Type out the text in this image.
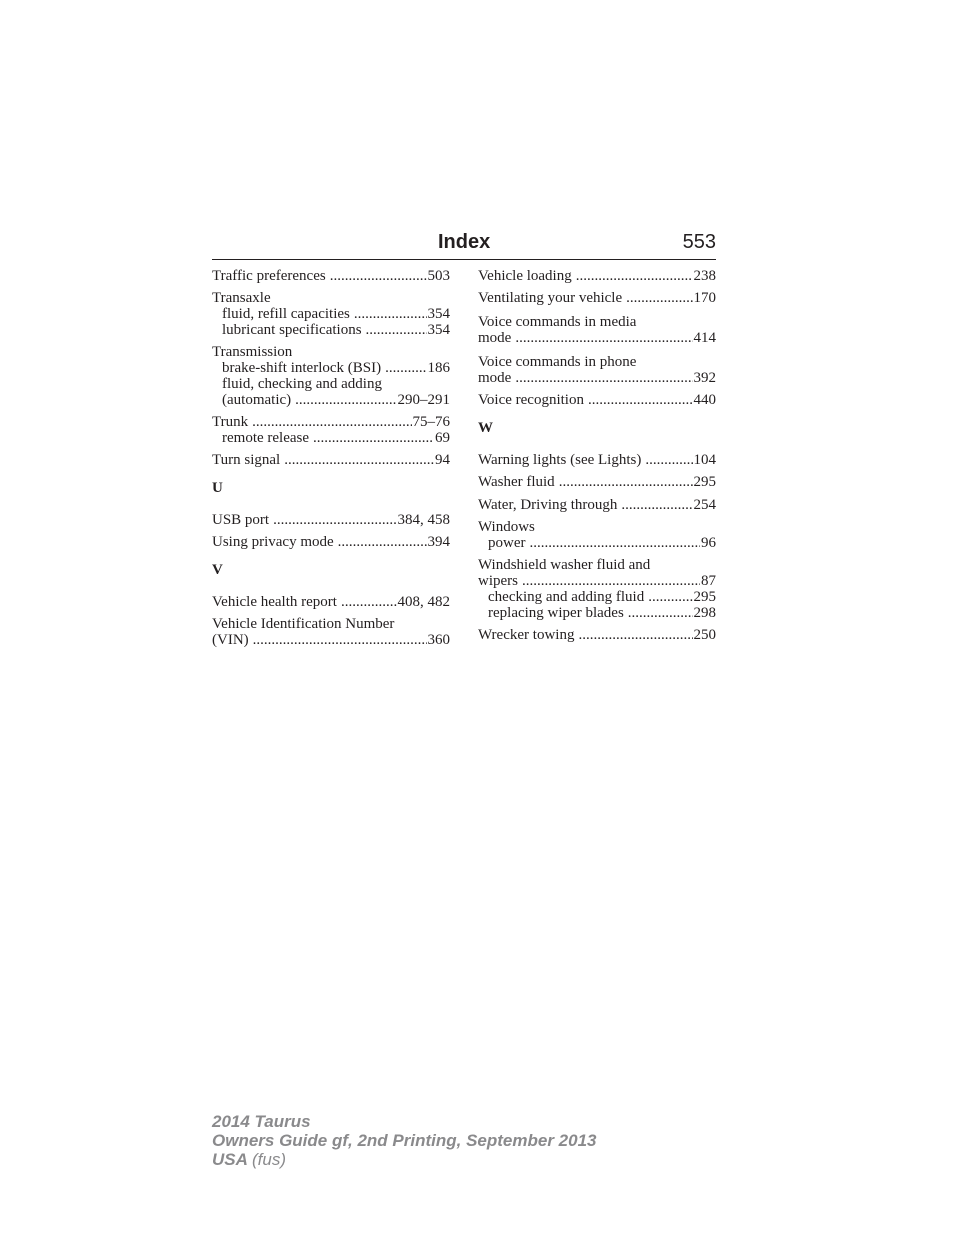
Index	553
Traffic preferences .....	503
Transaxle
fluid, refill capacities .....	354
lubricant specifications .....	354
Transmission
brake-shift interlock (BSI) .....	186
fluid, checking and adding
(automatic) .....	290–291
Trunk .....	75–76
remote release .....	69
Turn signal .....	94
U
USB port .....	384, 458
Using privacy mode .....	394
V
Vehicle health report .....	408, 482
Vehicle Identification Number
(VIN) .....	360
Vehicle loading .....	238
Ventilating your vehicle .....	170
Voice commands in media
mode .....	414
Voice commands in phone
mode .....	392
Voice recognition .....	440
W
Warning lights (see Lights) .....	104
Washer fluid .....	295
Water, Driving through .....	254
Windows
power .....	96
Windshield washer fluid and
wipers .....	87
checking and adding fluid .....	295
replacing wiper blades .....	298
Wrecker towing .....	250
2014 Taurus
Owners Guide gf, 2nd Printing, September 2013
USA (fus)
